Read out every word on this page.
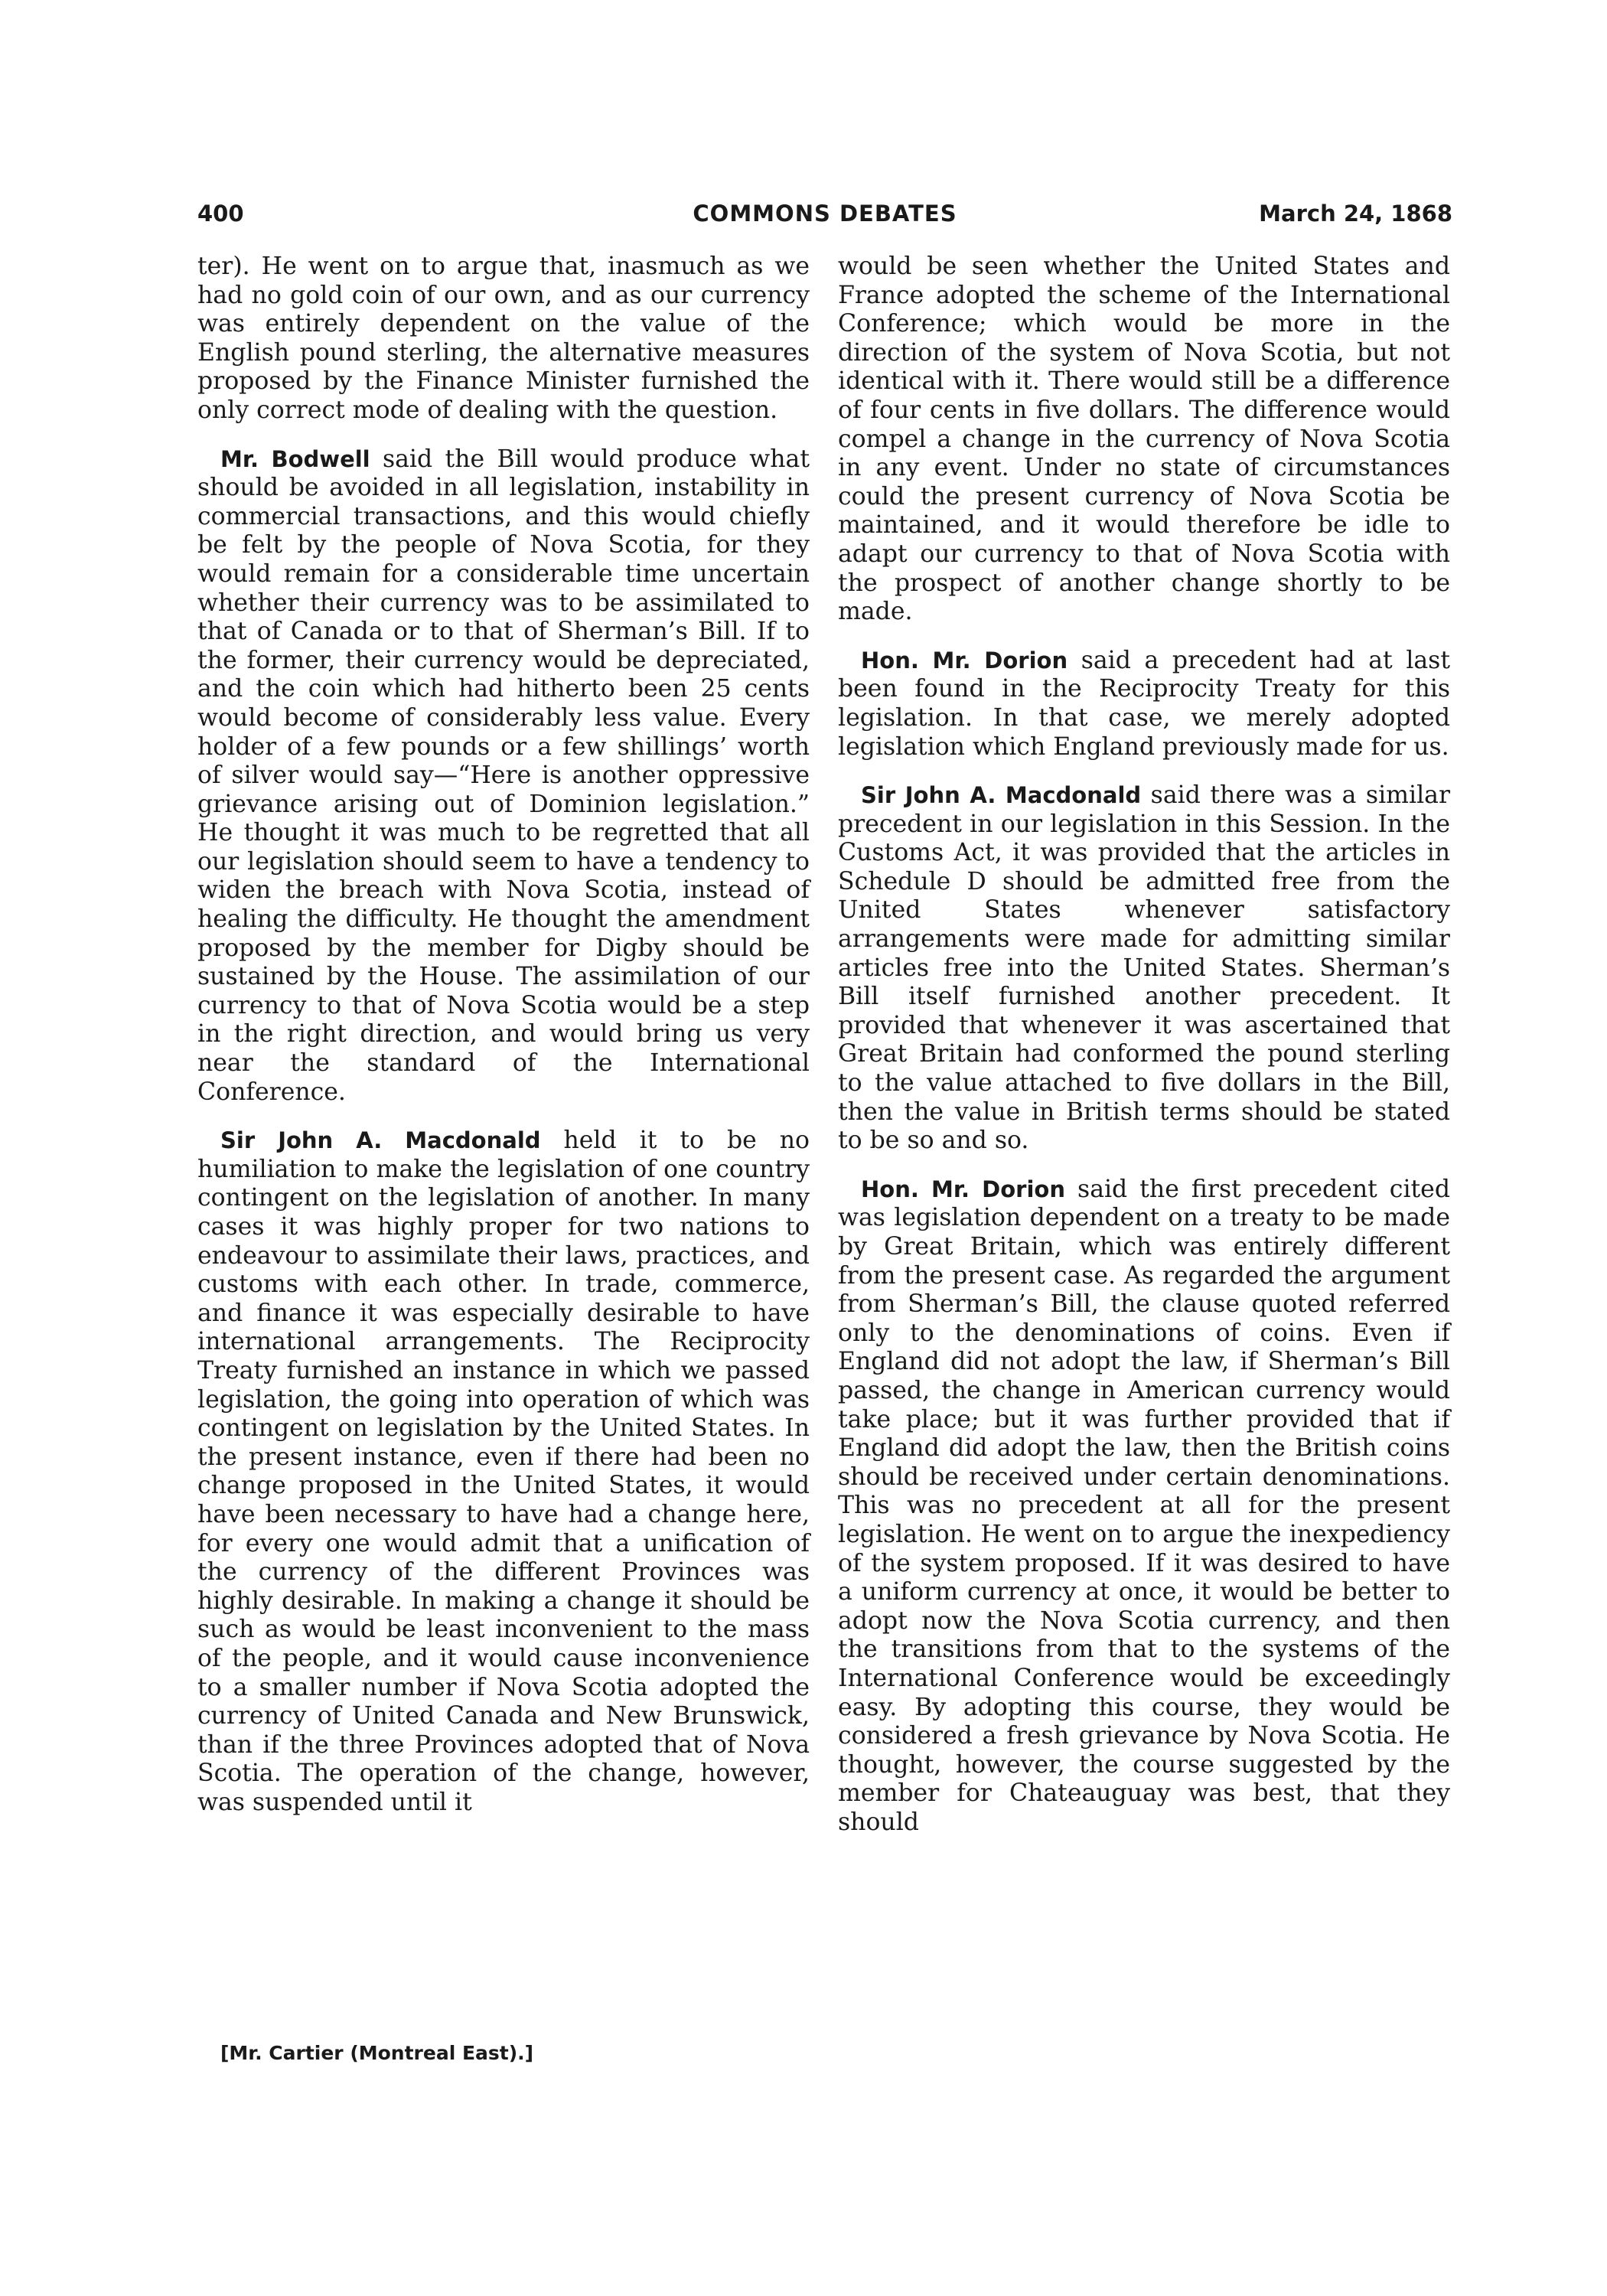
400	COMMONS DEBATES	March 24, 1868

ter). He went on to argue that, inasmuch as we had no gold coin of our own, and as our currency was entirely dependent on the value of the English pound sterling, the alternative measures proposed by the Finance Minister furnished the only correct mode of dealing with the question.

Mr. Bodwell said the Bill would produce what should be avoided in all legislation, instability in commercial transactions, and this would chiefly be felt by the people of Nova Scotia, for they would remain for a considerable time uncertain whether their currency was to be assimilated to that of Canada or to that of Sherman’s Bill. If to the former, their currency would be depreciated, and the coin which had hitherto been 25 cents would become of considerably less value. Every holder of a few pounds or a few shillings’ worth of silver would say—“Here is another oppressive grievance arising out of Dominion legislation.” He thought it was much to be regretted that all our legislation should seem to have a tendency to widen the breach with Nova Scotia, instead of healing the difficulty. He thought the amendment proposed by the member for Digby should be sustained by the House. The assimilation of our currency to that of Nova Scotia would be a step in the right direction, and would bring us very near the standard of the International Conference.

Sir John A. Macdonald held it to be no humiliation to make the legislation of one country contingent on the legislation of another. In many cases it was highly proper for two nations to endeavour to assimilate their laws, practices, and customs with each other. In trade, commerce, and finance it was especially desirable to have international arrangements. The Reciprocity Treaty furnished an instance in which we passed legislation, the going into operation of which was contingent on legislation by the United States. In the present instance, even if there had been no change proposed in the United States, it would have been necessary to have had a change here, for every one would admit that a unification of the currency of the different Provinces was highly desirable. In making a change it should be such as would be least inconvenient to the mass of the people, and it would cause inconvenience to a smaller number if Nova Scotia adopted the currency of United Canada and New Brunswick, than if the three Provinces adopted that of Nova Scotia. The operation of the change, however, was suspended until it

would be seen whether the United States and France adopted the scheme of the International Conference; which would be more in the direction of the system of Nova Scotia, but not identical with it. There would still be a difference of four cents in five dollars. The difference would compel a change in the currency of Nova Scotia in any event. Under no state of circumstances could the present currency of Nova Scotia be maintained, and it would therefore be idle to adapt our currency to that of Nova Scotia with the prospect of another change shortly to be made.

Hon. Mr. Dorion said a precedent had at last been found in the Reciprocity Treaty for this legislation. In that case, we merely adopted legislation which England previously made for us.

Sir John A. Macdonald said there was a similar precedent in our legislation in this Session. In the Customs Act, it was provided that the articles in Schedule D should be admitted free from the United States whenever satisfactory arrangements were made for admitting similar articles free into the United States. Sherman’s Bill itself furnished another precedent. It provided that whenever it was ascertained that Great Britain had conformed the pound sterling to the value attached to five dollars in the Bill, then the value in British terms should be stated to be so and so.

Hon. Mr. Dorion said the first precedent cited was legislation dependent on a treaty to be made by Great Britain, which was entirely different from the present case. As regarded the argument from Sherman’s Bill, the clause quoted referred only to the denominations of coins. Even if England did not adopt the law, if Sherman’s Bill passed, the change in American currency would take place; but it was further provided that if England did adopt the law, then the British coins should be received under certain denominations. This was no precedent at all for the present legislation. He went on to argue the inexpediency of the system proposed. If it was desired to have a uniform currency at once, it would be better to adopt now the Nova Scotia currency, and then the transitions from that to the systems of the International Conference would be exceedingly easy. By adopting this course, they would be considered a fresh grievance by Nova Scotia. He thought, however, the course suggested by the member for Chateauguay was best, that they should

[Mr. Cartier (Montreal East).]
